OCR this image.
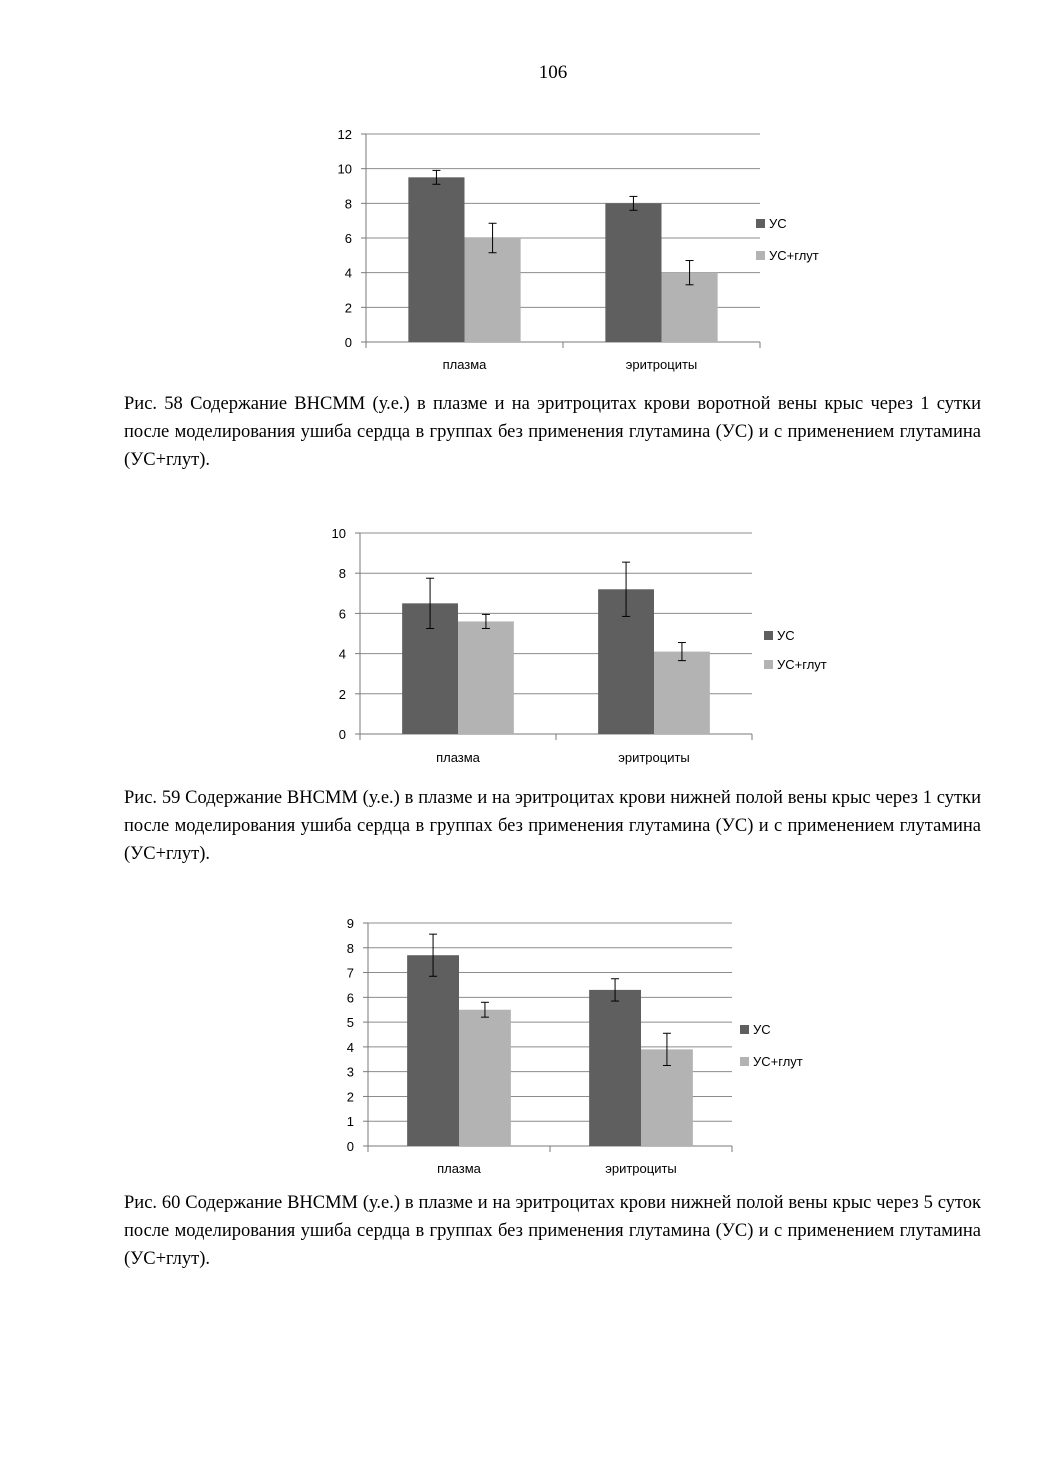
106
0
2
4
6
8
10
12
плазма	эритроциты
УС
УС+глут

Рис. 58 Содержание ВНСММ (у.е.) в плазме и на эритроцитах крови воротной вены крыс через 1 сутки после моделирования ушиба сердца в группах без применения глутамина (УС) и с применением глутамина (УС+глут).

0
2
4
6
8
10
плазма	эритроциты
УС
УС+глут

Рис. 59 Содержание ВНСММ (у.е.) в плазме и на эритроцитах крови нижней полой вены крыс через 1 сутки после моделирования ушиба сердца в группах без применения глутамина (УС) и с применением глутамина (УС+глут).

0
1
2
3
4
5
6
7
8
9
плазма	эритроциты
УС
УС+глут

Рис. 60 Содержание ВНСММ (у.е.) в плазме и на эритроцитах крови нижней полой вены крыс через 5 суток после моделирования ушиба сердца в группах без применения глутамина (УС) и с применением глутамина (УС+глут).
